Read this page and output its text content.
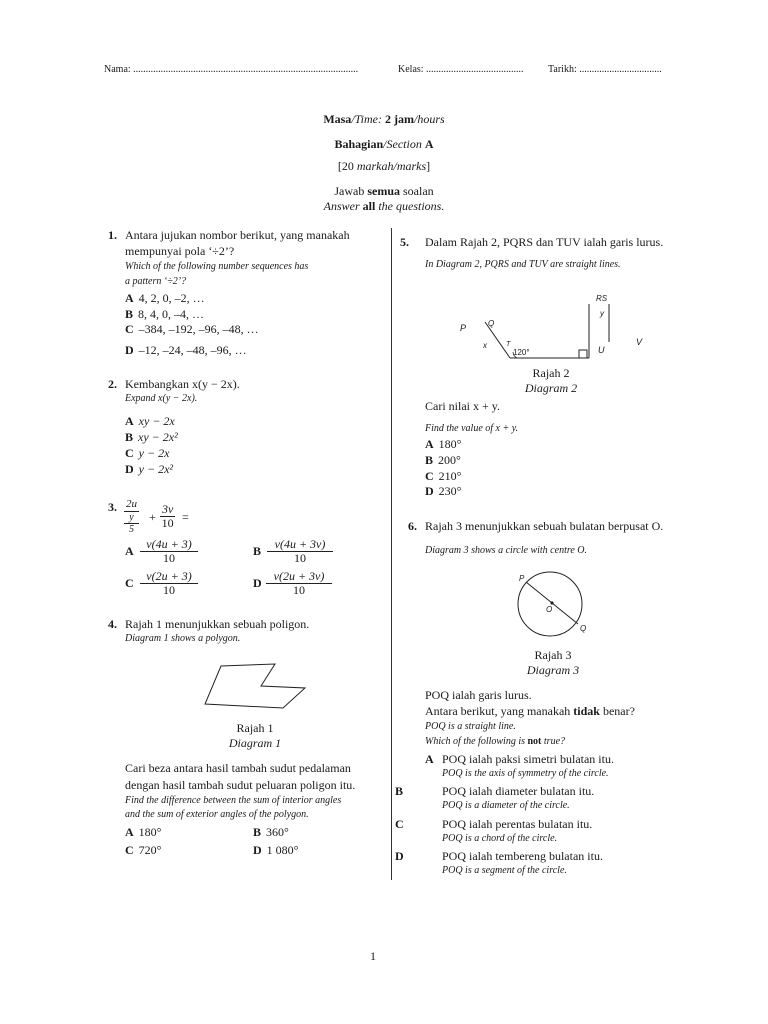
Nama: ..........................................................................................	Kelas: ....................................... Tarikh: .................................
Masa/Time: 2 jam/hours
Bahagian/Section A
[20 markah/marks]
Jawab semua soalan
Answer all the questions.
1. Antara jujukan nombor berikut, yang manakah
mempunyai pola ‘÷2’?
Which of the following number sequences has
a pattern ‘÷2’?
A 4, 2, 0, –2, …
B 8, 4, 0, –4, …
C –384, –192, –96, –48, …
D –12, –24, –48, –96, …
2. Kembangkan x(y − 2x).
Expand x(y − 2x).
A xy − 2x
B xy − 2x²
C y − 2x
D y − 2x²
3. 2u
y
5
+ $\frac{3v}{10}$ =
A $\frac{v(4u + 3)}{10}$	B $\frac{v(4u + 3v)}{10}$
C $\frac{v(2u + 3)}{10}$	D $\frac{v(2u + 3v)}{10}$
4. Rajah 1 menunjukkan sebuah poligon.
Diagram 1 shows a polygon.
Rajah 1
Diagram 1
Cari beza antara hasil tambah sudut pedalaman
dengan hasil tambah sudut peluaran poligon itu.
Find the difference between the sum of interior angles
and the sum of exterior angles of the polygon.
A 180°	B 360°
C 720°	D 1 080°
5. Dalam Rajah 2, PQRS dan TUV ialah garis lurus.
In Diagram 2, PQRS and TUV are straight lines.
P	Q
RS
y
x	T
120°	U
V
Rajah 2
Diagram 2
Cari nilai x + y.
Find the value of x + y.
A 180°
B 200°
C 210°
D 230°
6. Rajah 3 menunjukkan sebuah bulatan berpusat O.
Diagram 3 shows a circle with centre O.
P
O
Q
Rajah 3
Diagram 3
POQ ialah garis lurus.
Antara berikut, yang manakah tidak benar?
POQ is a straight line.
Which of the following is not true?
A POQ ialah paksi simetri bulatan itu.
POQ is the axis of symmetry of the circle.
B	POQ ialah diameter bulatan itu.
POQ is a diameter of the circle.
C	POQ ialah perentas bulatan itu.
POQ is a chord of the circle.
D	POQ ialah tembereng bulatan itu.
POQ is a segment of the circle.
1
